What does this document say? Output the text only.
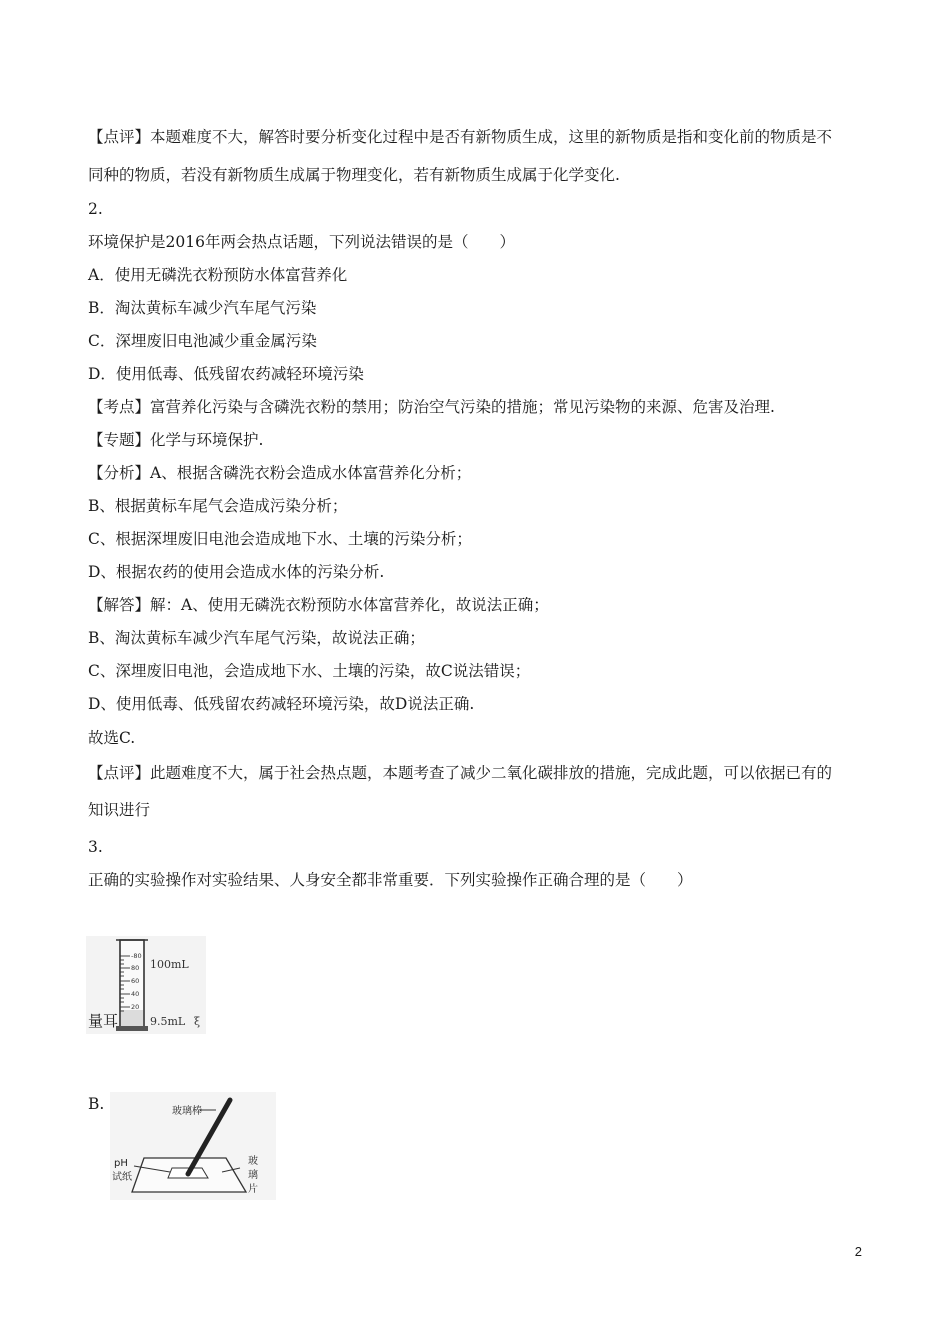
【点评】本题难度不大，解答时要分析变化过程中是否有新物质生成，这里的新物质是指和变化前的物质是不
同种的物质，若没有新物质生成属于物理变化，若有新物质生成属于化学变化.
2.
环境保护是2016年两会热点话题，下列说法错误的是（　　）
A．使用无磷洗衣粉预防水体富营养化
B．淘汰黄标车减少汽车尾气污染
C．深埋废旧电池减少重金属污染
D．使用低毒、低残留农药减轻环境污染
【考点】富营养化污染与含磷洗衣粉的禁用；防治空气污染的措施；常见污染物的来源、危害及治理.
【专题】化学与环境保护.
【分析】A、根据含磷洗衣粉会造成水体富营养化分析；
B、根据黄标车尾气会造成污染分析；
C、根据深埋废旧电池会造成地下水、土壤的污染分析；
D、根据农药的使用会造成水体的污染分析.
【解答】解：A、使用无磷洗衣粉预防水体富营养化，故说法正确；
B、淘汰黄标车减少汽车尾气污染，故说法正确；
C、深埋废旧电池，会造成地下水、土壤的污染，故C说法错误；
D、使用低毒、低残留农药减轻环境污染，故D说法正确.
故选C.
【点评】此题难度不大，属于社会热点题，本题考查了减少二氧化碳排放的措施，完成此题，可以依据已有的
知识进行
3.
正确的实验操作对实验结果、人身安全都非常重要．下列实验操作正确合理的是（　　）
-80
80
60
40
20
100mL
9.5mL ξ
量耳
B.	玻璃棒
pH
试纸
玻
璃
片
2
